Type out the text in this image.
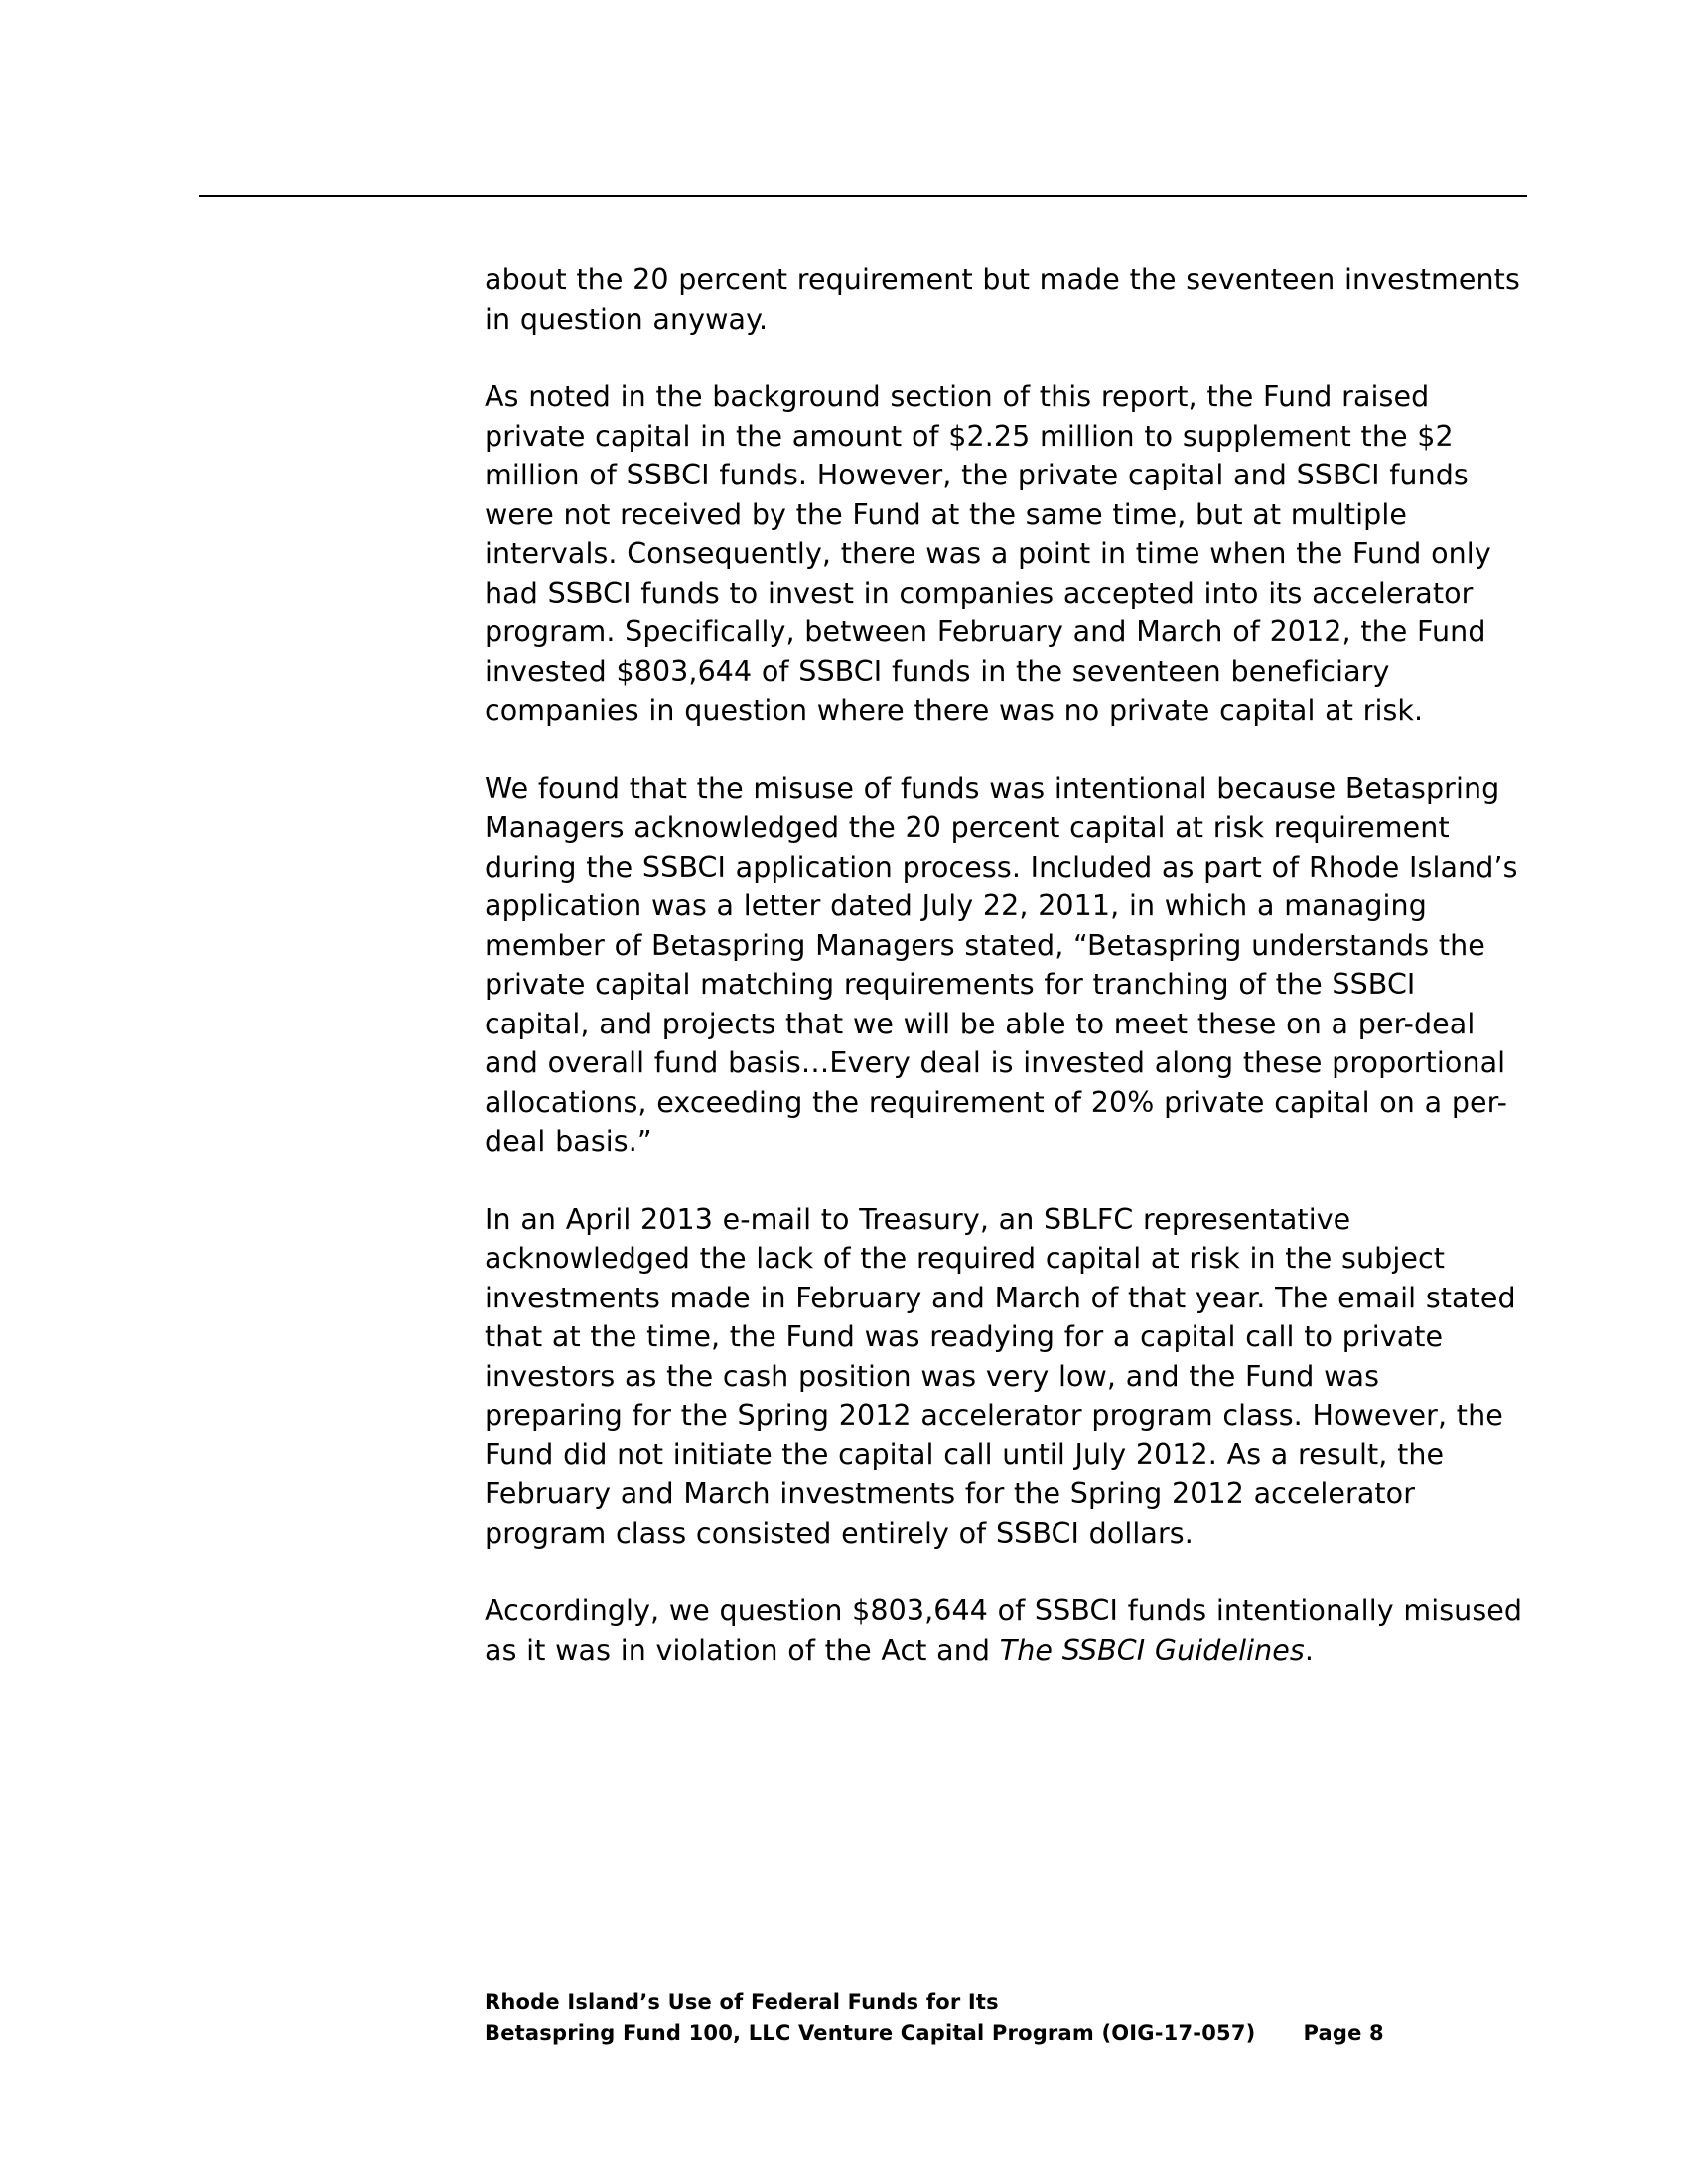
about the 20 percent requirement but made the seventeen investments in question anyway.

As noted in the background section of this report, the Fund raised private capital in the amount of $2.25 million to supplement the $2 million of SSBCI funds. However, the private capital and SSBCI funds were not received by the Fund at the same time, but at multiple intervals. Consequently, there was a point in time when the Fund only had SSBCI funds to invest in companies accepted into its accelerator program. Specifically, between February and March of 2012, the Fund invested $803,644 of SSBCI funds in the seventeen beneficiary companies in question where there was no private capital at risk.

We found that the misuse of funds was intentional because Betaspring Managers acknowledged the 20 percent capital at risk requirement during the SSBCI application process. Included as part of Rhode Island’s application was a letter dated July 22, 2011, in which a managing member of Betaspring Managers stated, “Betaspring understands the private capital matching requirements for tranching of the SSBCI capital, and projects that we will be able to meet these on a per-deal and overall fund basis…Every deal is invested along these proportional allocations, exceeding the requirement of 20% private capital on a per-deal basis.”

In an April 2013 e-mail to Treasury, an SBLFC representative acknowledged the lack of the required capital at risk in the subject investments made in February and March of that year. The email stated that at the time, the Fund was readying for a capital call to private investors as the cash position was very low, and the Fund was preparing for the Spring 2012 accelerator program class. However, the Fund did not initiate the capital call until July 2012. As a result, the February and March investments for the Spring 2012 accelerator program class consisted entirely of SSBCI dollars.

Accordingly, we question $803,644 of SSBCI funds intentionally misused as it was in violation of the Act and The SSBCI Guidelines.

Rhode Island’s Use of Federal Funds for Its
Betaspring Fund 100, LLC Venture Capital Program (OIG-17-057) Page 8
